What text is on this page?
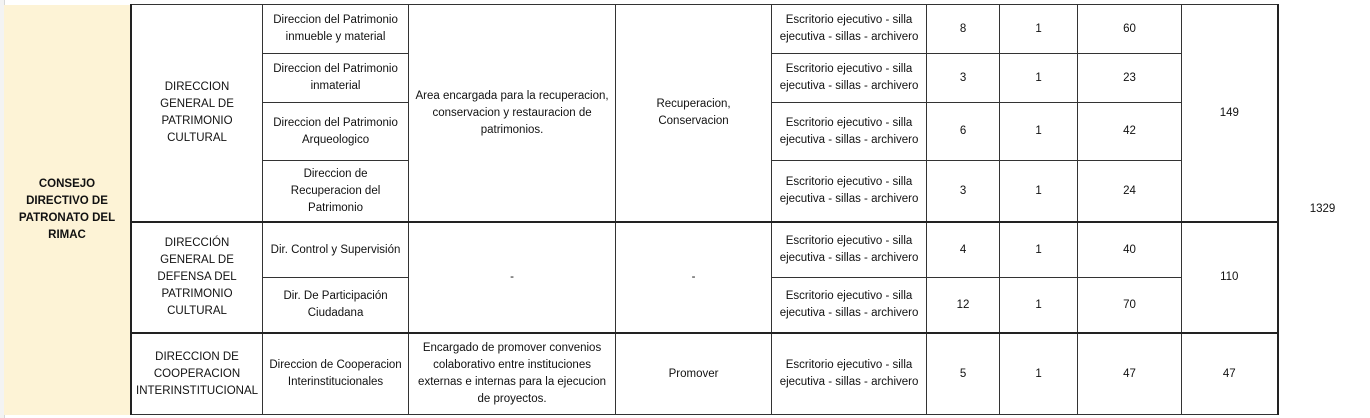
CONSEJO DIRECTIVO DE PATRONATO DEL RIMAC	DIRECCION GENERAL DE PATRIMONIO CULTURAL	Direccion del Patrimonio inmueble y material	Area encargada para la recuperacion, conservacion y restauracion de patrimonios.	Recuperacion, Conservacion	Escritorio ejecutivo - silla ejecutiva - sillas - archivero	8	1	60	149	1329
		Direccion del Patrimonio inmaterial			Escritorio ejecutivo - silla ejecutiva - sillas - archivero	3	1	23		
		Direccion del Patrimonio Arqueologico			Escritorio ejecutivo - silla ejecutiva - sillas - archivero	6	1	42		
		Direccion de Recuperacion del Patrimonio			Escritorio ejecutivo - silla ejecutiva - sillas - archivero	3	1	24		
	DIRECCIÓN GENERAL DE DEFENSA DEL PATRIMONIO CULTURAL	Dir. Control y Supervisión	-	-	Escritorio ejecutivo - silla ejecutiva - sillas - archivero	4	1	40	110	
		Dir. De Participación Ciudadana			Escritorio ejecutivo - silla ejecutiva - sillas - archivero	12	1	70		
	DIRECCION DE COOPERACION INTERINSTITUCIONAL	Direccion de Cooperacion Interinstitucionales	Encargado de promover convenios colaborativo entre instituciones externas e internas para la ejecucion de proyectos.	Promover	Escritorio ejecutivo - silla ejecutiva - sillas - archivero	5	1	47	47	
